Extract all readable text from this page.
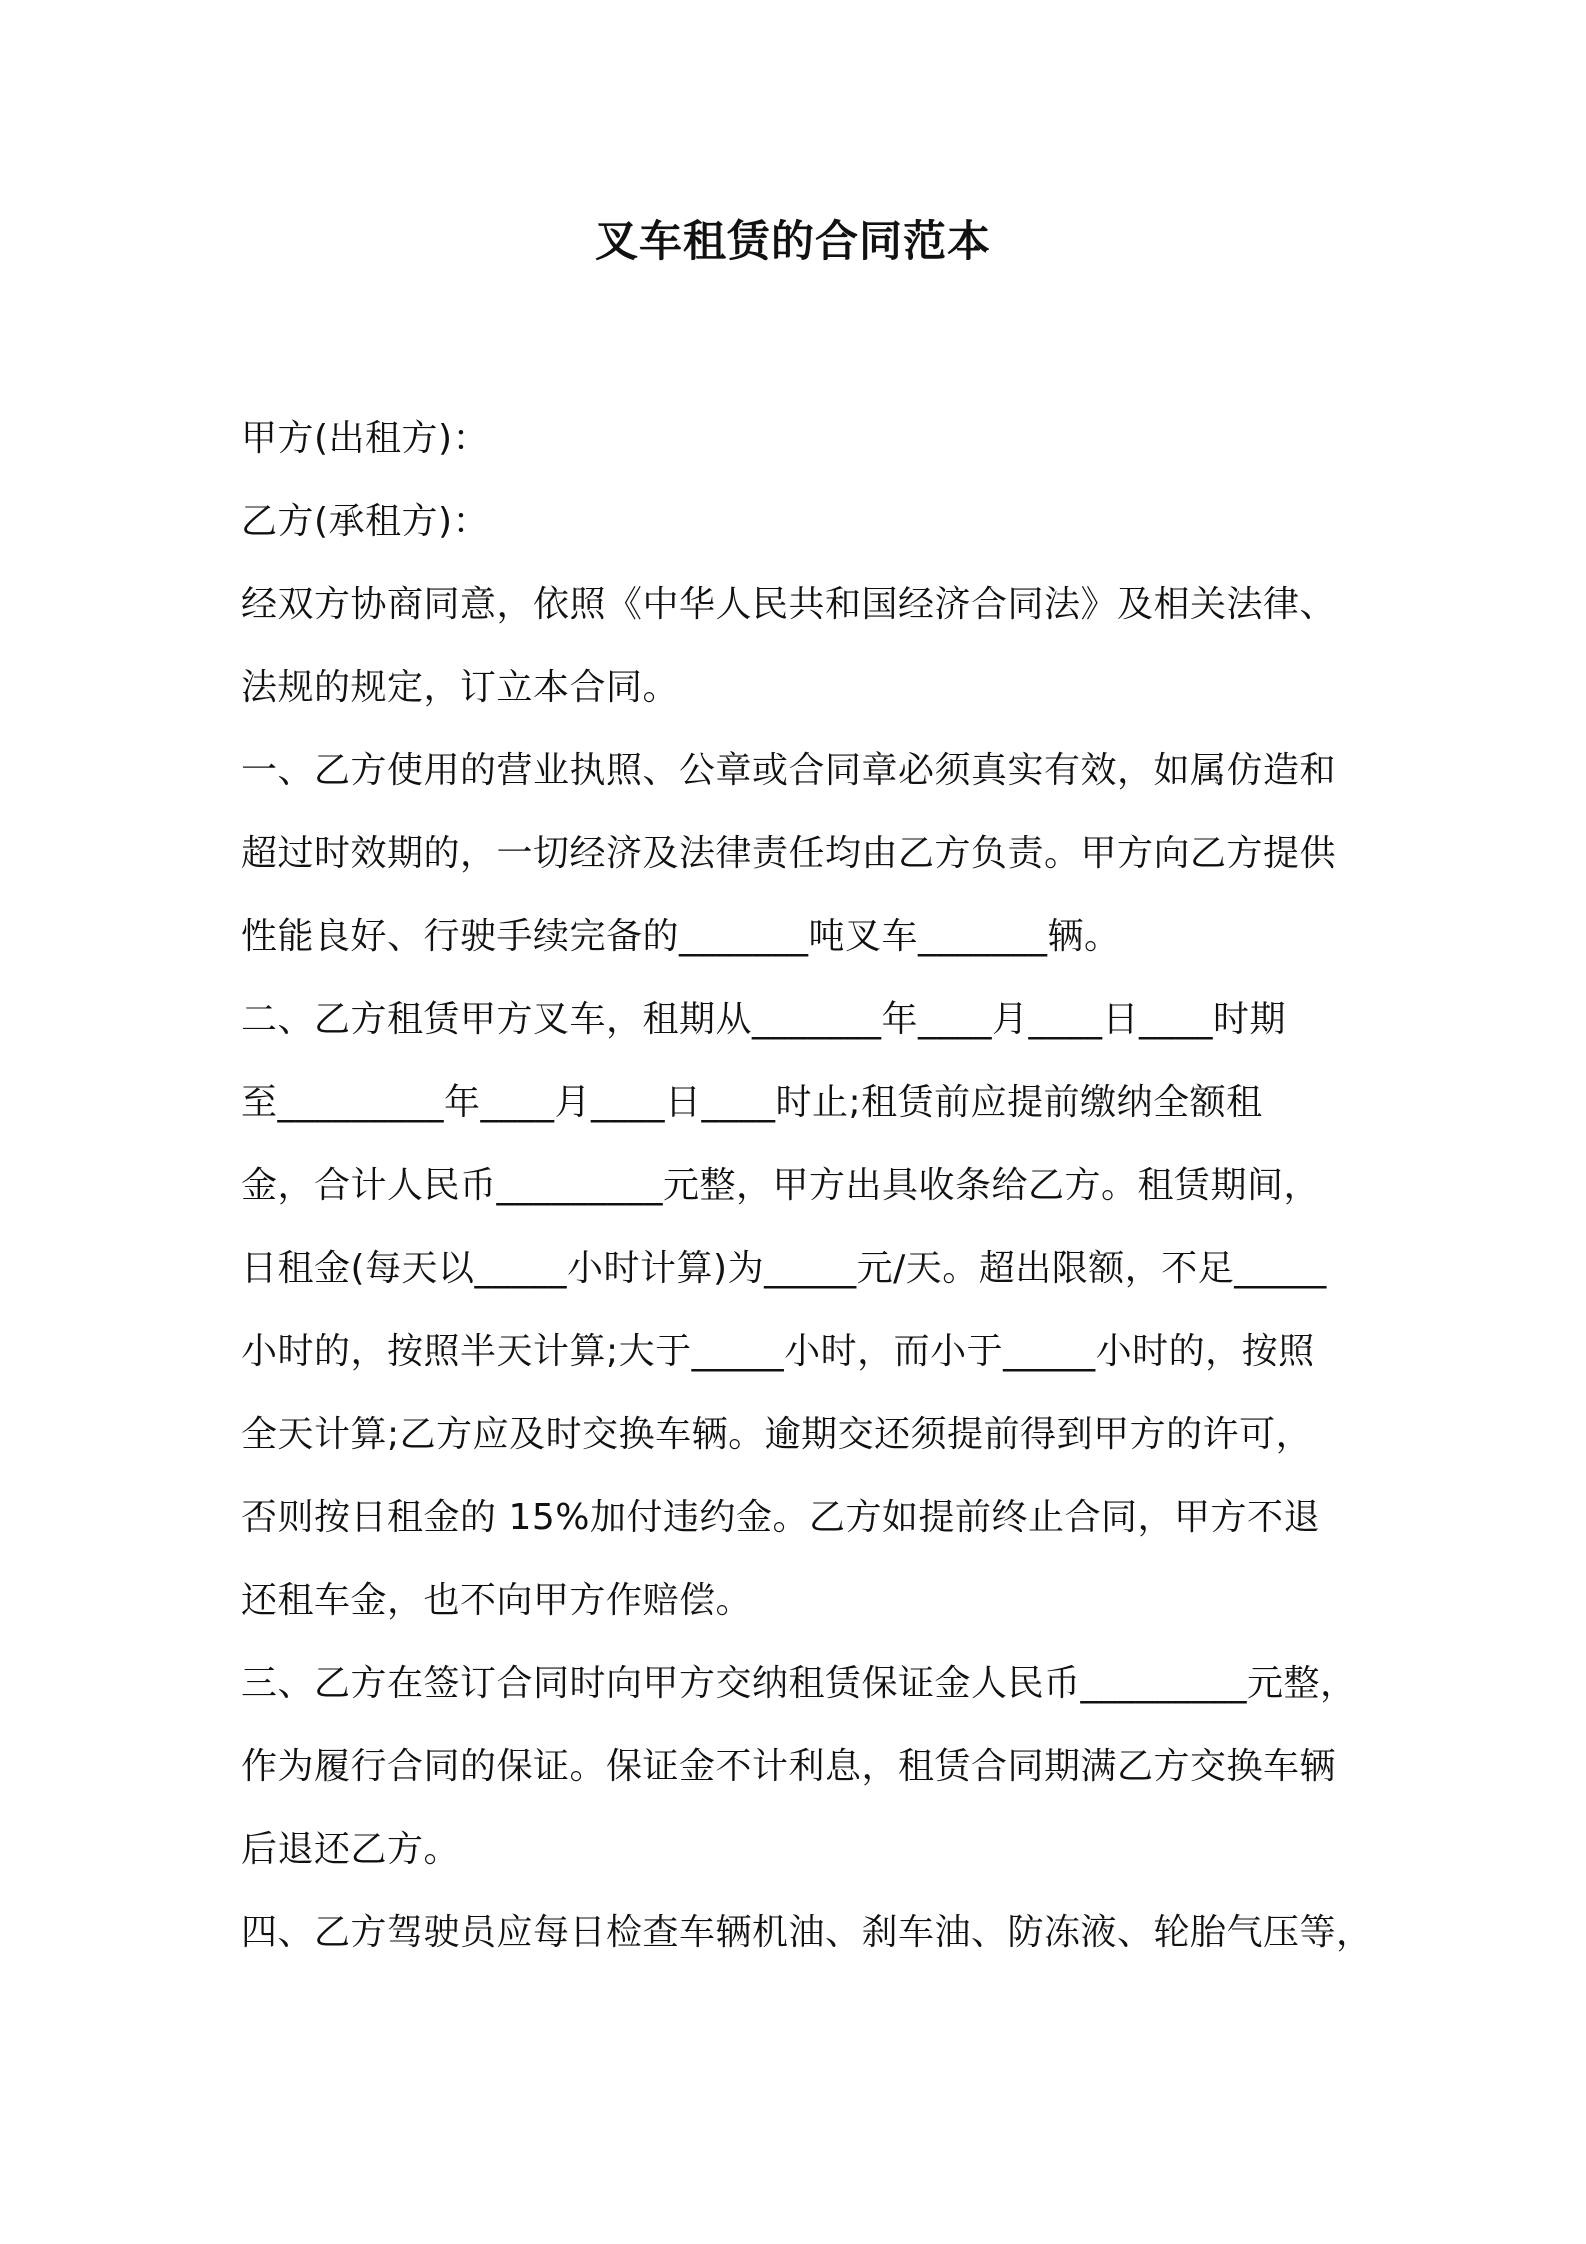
叉车租赁的合同范本
甲方(出租方)：
乙方(承租方)：
经双方协商同意，依照《中华人民共和国经济合同法》及相关法律、
法规的规定，订立本合同。
一、乙方使用的营业执照、公章或合同章必须真实有效，如属仿造和
超过时效期的，一切经济及法律责任均由乙方负责。甲方向乙方提供
性能良好、行驶手续完备的_______吨叉车_______辆。
二、乙方租赁甲方叉车，租期从_______年____月____日____时期
至_________年____月____日____时止;租赁前应提前缴纳全额租
金，合计人民币_________元整，甲方出具收条给乙方。租赁期间，
日租金(每天以_____小时计算)为_____元/天。超出限额，不足_____
小时的，按照半天计算;大于_____小时，而小于_____小时的，按照
全天计算;乙方应及时交换车辆。逾期交还须提前得到甲方的许可，
否则按日租金的 15%加付违约金。乙方如提前终止合同，甲方不退
还租车金，也不向甲方作赔偿。
三、乙方在签订合同时向甲方交纳租赁保证金人民币_________元整，
作为履行合同的保证。保证金不计利息，租赁合同期满乙方交换车辆
后退还乙方。
四、乙方驾驶员应每日检查车辆机油、刹车油、防冻液、轮胎气压等，
